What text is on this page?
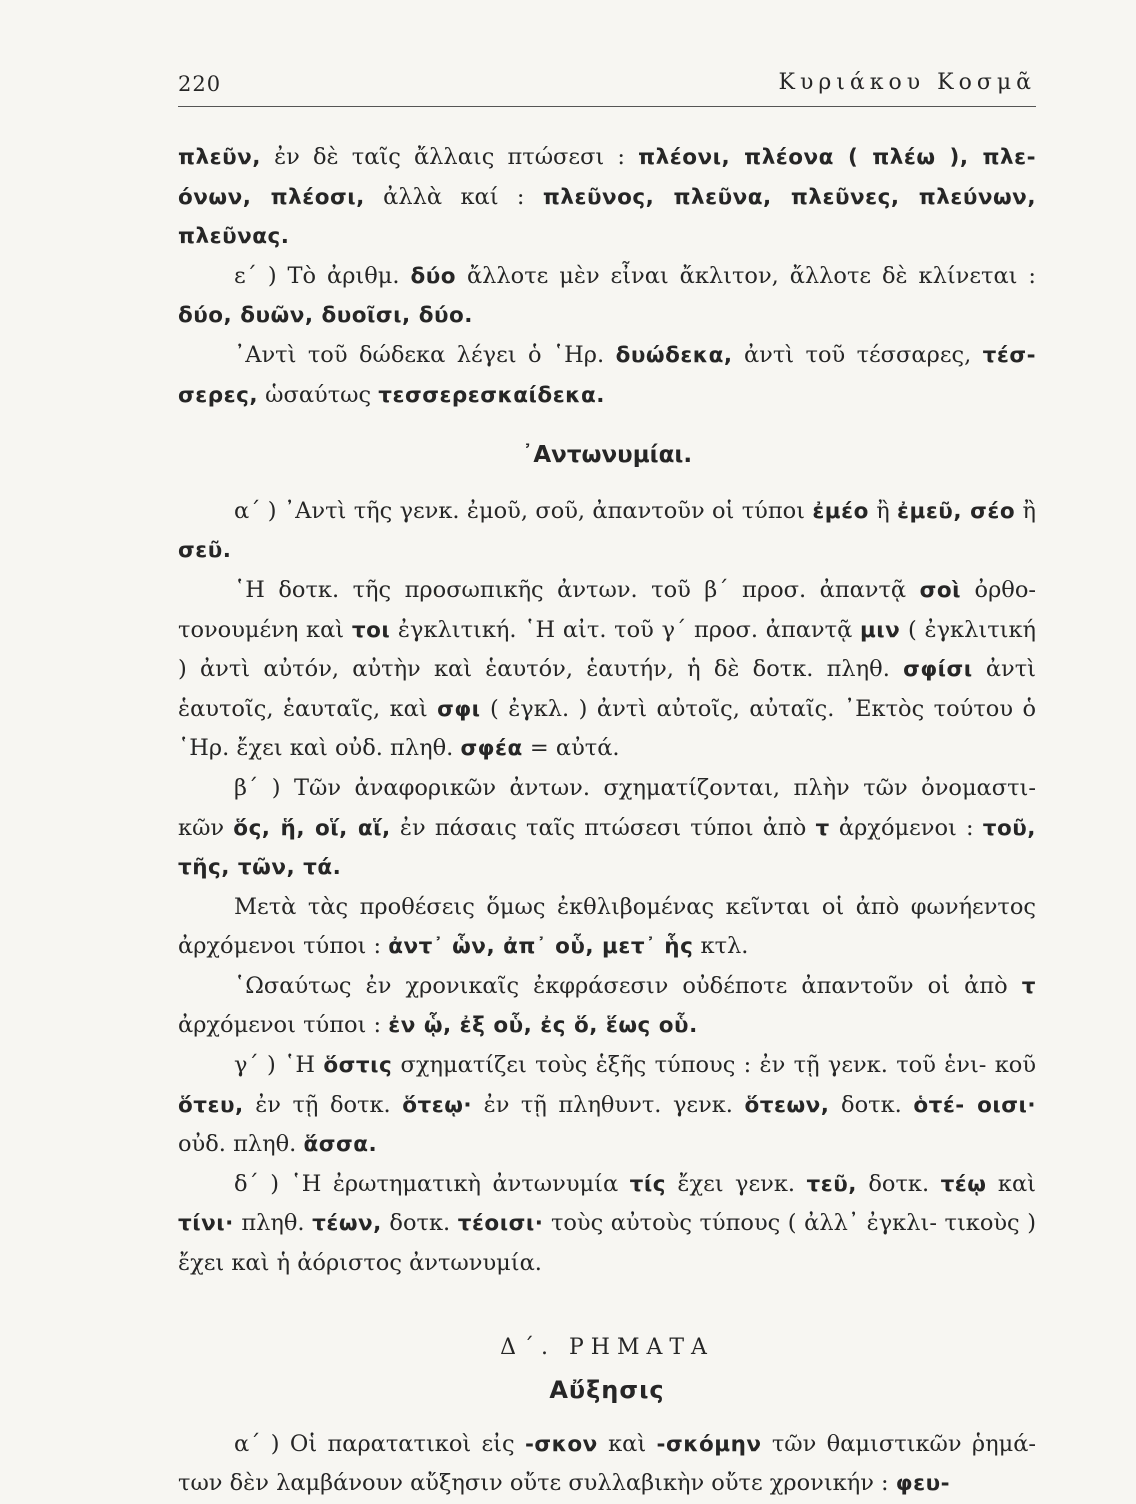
220	Κυριάκου Κοσμᾶ

πλεῦν, ἐν δὲ ταῖς ἄλλαις πτώσεσι : πλέονι, πλέονα ( πλέω ), πλε- όνων, πλέοσι, ἀλλὰ καί : πλεῦνος, πλεῦνα, πλεῦνες, πλεύνων, πλεῦνας.

ε΄ ) Τὸ ἀριθμ. δύο ἄλλοτε μὲν εἶναι ἄκλιτον, ἄλλοτε δὲ κλίνεται : δύο, δυῶν, δυοῖσι, δύο.

᾿Αντὶ τοῦ δώδεκα λέγει ὁ ῾Ηρ. δυώδεκα, ἀντὶ τοῦ τέσσαρες, τέσ- σερες, ὡσαύτως τεσσερεσκαίδεκα.

᾿Αντωνυμίαι.

α΄ ) ᾿Αντὶ τῆς γενκ. ἐμοῦ, σοῦ, ἀπαντοῦν οἱ τύποι ἐμέο ἢ ἐμεῦ, σέο ἢ σεῦ.

῾Η δοτκ. τῆς προσωπικῆς ἀντων. τοῦ β΄ προσ. ἀπαντᾷ σοὶ ὀρθο- τονουμένη καὶ τοι ἐγκλιτική. ῾Η αἰτ. τοῦ γ΄ προσ. ἀπαντᾷ μιν ( ἐγκλιτική ) ἀντὶ αὐτόν, αὐτὴν καὶ ἑαυτόν, ἑαυτήν, ἡ δὲ δοτκ. πληθ. σφίσι ἀντὶ ἑαυτοῖς, ἑαυταῖς, καὶ σφι ( ἐγκλ. ) ἀντὶ αὐτοῖς, αὐταῖς. ᾿Εκτὸς τούτου ὁ ῾Ηρ. ἔχει καὶ οὐδ. πληθ. σφέα = αὐτά.

β΄ ) Τῶν ἀναφορικῶν ἀντων. σχηματίζονται, πλὴν τῶν ὀνομαστι- κῶν ὅς, ἥ, οἵ, αἵ, ἐν πάσαις ταῖς πτώσεσι τύποι ἀπὸ τ ἀρχόμενοι : τοῦ, τῆς, τῶν, τά.

Μετὰ τὰς προθέσεις ὅμως ἐκθλιβομένας κεῖνται οἱ ἀπὸ φωνήεντος ἀρχόμενοι τύποι : ἀντ᾿ ὧν, ἀπ᾿ οὗ, μετ᾿ ἧς κτλ.

῾Ωσαύτως ἐν χρονικαῖς ἐκφράσεσιν οὐδέποτε ἀπαντοῦν οἱ ἀπὸ τ ἀρχόμενοι τύποι : ἐν ᾧ, ἐξ οὗ, ἐς ὅ, ἕως οὗ.

γ΄ ) ῾Η ὅστις σχηματίζει τοὺς ἑξῆς τύπους : ἐν τῇ γενκ. τοῦ ἑνι- κοῦ ὅτευ, ἐν τῇ δοτκ. ὅτεῳ· ἐν τῇ πληθυντ. γενκ. ὅτεων, δοτκ. ὁτέ- οισι· οὐδ. πληθ. ἅσσα.

δ΄ ) ῾Η ἐρωτηματικὴ ἀντωνυμία τίς ἔχει γενκ. τεῦ, δοτκ. τέῳ καὶ τίνι· πληθ. τέων, δοτκ. τέοισι· τοὺς αὐτοὺς τύπους ( ἀλλ᾿ ἐγκλι- τικοὺς ) ἔχει καὶ ἡ ἀόριστος ἀντωνυμία.

Δ΄. ΡΗΜΑΤΑ

Αὔξησις

α΄ ) Οἱ παρατατικοὶ εἰς -σκον καὶ -σκόμην τῶν θαμιστικῶν ῥημά- των δὲν λαμβάνουν αὔξησιν οὔτε συλλαβικὴν οὔτε χρονικήν : φευ-
